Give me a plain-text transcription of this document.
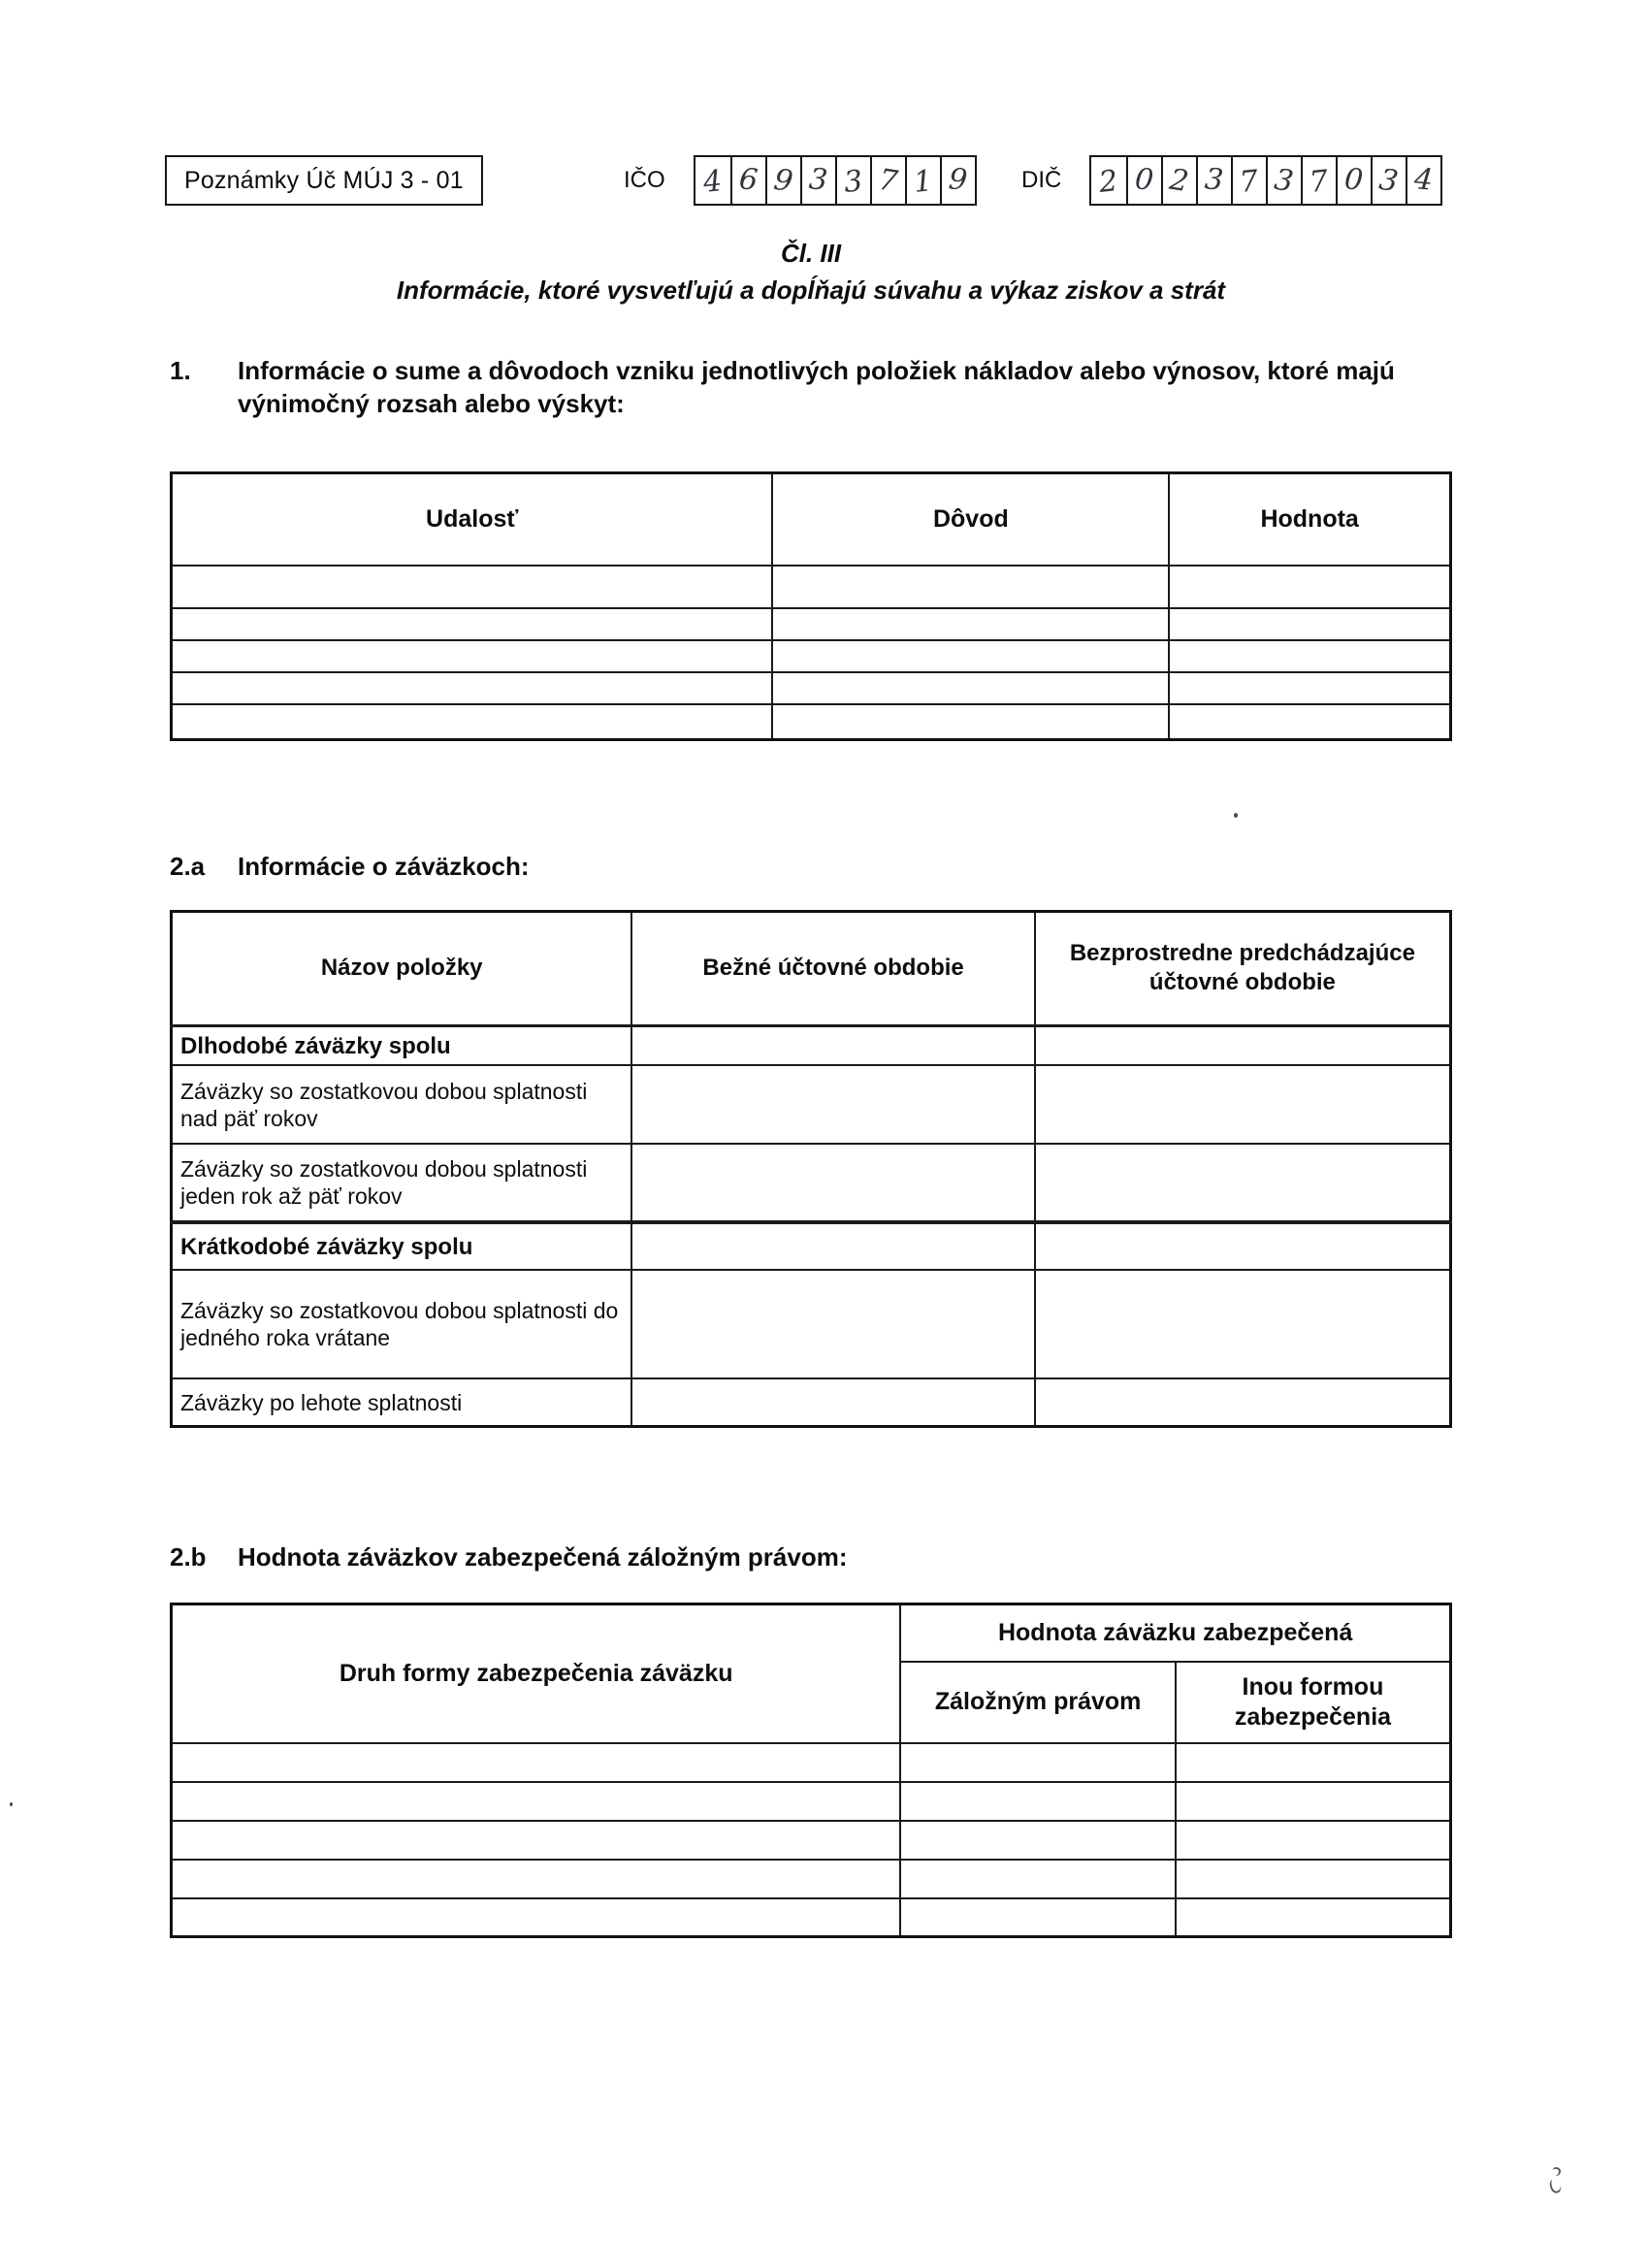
Poznámky Úč MÚJ 3 - 01	IČO 4 6 9 3 3 7 1 9 DIČ 2 0 2 3 7 3 7 0 3 4
Čl. III
Informácie, ktoré vysvetľujú a dopĺňajú súvahu a výkaz ziskov a strát
1.	Informácie o sume a dôvodoch vzniku jednotlivých položiek nákladov alebo výnosov, ktoré majú výnimočný rozsah alebo výskyt:
Udalosť	Dôvod	Hodnota

2.a	Informácie o záväzkoch:
Názov položky	Bežné účtovné obdobie	Bezprostredne predchádzajúce účtovné obdobie
Dlhodobé záväzky spolu		
Záväzky so zostatkovou dobou splatnosti nad päť rokov		
Záväzky so zostatkovou dobou splatnosti jeden rok až päť rokov		
Krátkodobé záväzky spolu		
Záväzky so zostatkovou dobou splatnosti do jedného roka vrátane		
Záväzky po lehote splatnosti		
2.b	Hodnota záväzkov zabezpečená záložným právom:
Druh formy zabezpečenia záväzku	Hodnota záväzku zabezpečená	
	Záložným právom	Inou formou zabezpečenia
